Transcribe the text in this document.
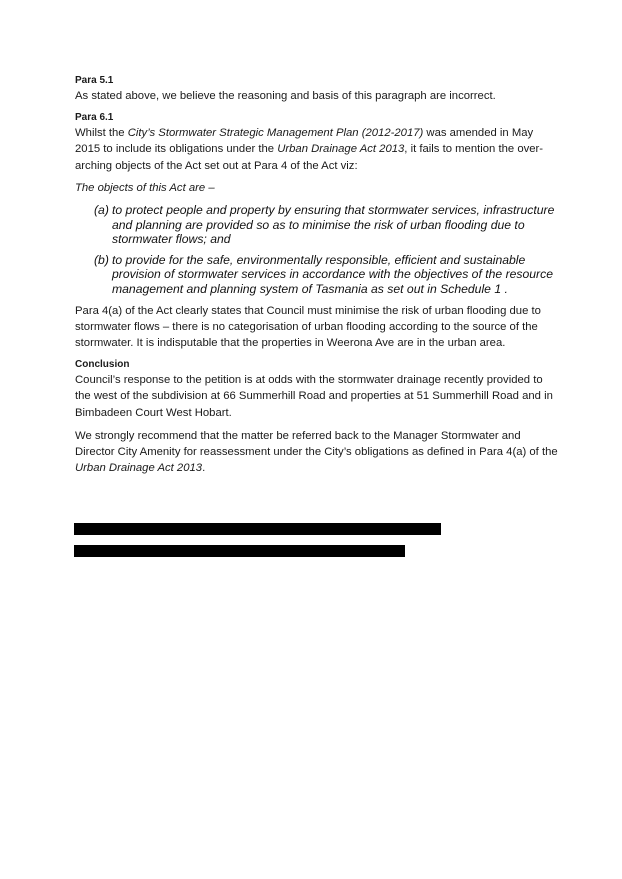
Para 5.1

As stated above, we believe the reasoning and basis of this paragraph are incorrect.

Para 6.1

Whilst the City’s Stormwater Strategic Management Plan (2012-2017) was amended in May 2015 to include its obligations under the Urban Drainage Act 2013, it fails to mention the over-arching objects of the Act set out at Para 4 of the Act viz:

The objects of this Act are –

(a) to protect people and property by ensuring that stormwater services, infrastructure and planning are provided so as to minimise the risk of urban flooding due to stormwater flows; and
(b) to provide for the safe, environmentally responsible, efficient and sustainable provision of stormwater services in accordance with the objectives of the resource management and planning system of Tasmania as set out in Schedule 1 .

Para 4(a) of the Act clearly states that Council must minimise the risk of urban flooding due to stormwater flows – there is no categorisation of urban flooding according to the source of the stormwater. It is indisputable that the properties in Weerona Ave are in the urban area.

Conclusion

Council’s response to the petition is at odds with the stormwater drainage recently provided to the west of the subdivision at 66 Summerhill Road and properties at 51 Summerhill Road and in Bimbadeen Court West Hobart.

We strongly recommend that the matter be referred back to the Manager Stormwater and Director City Amenity for reassessment under the City’s obligations as defined in Para 4(a) of the Urban Drainage Act 2013.
